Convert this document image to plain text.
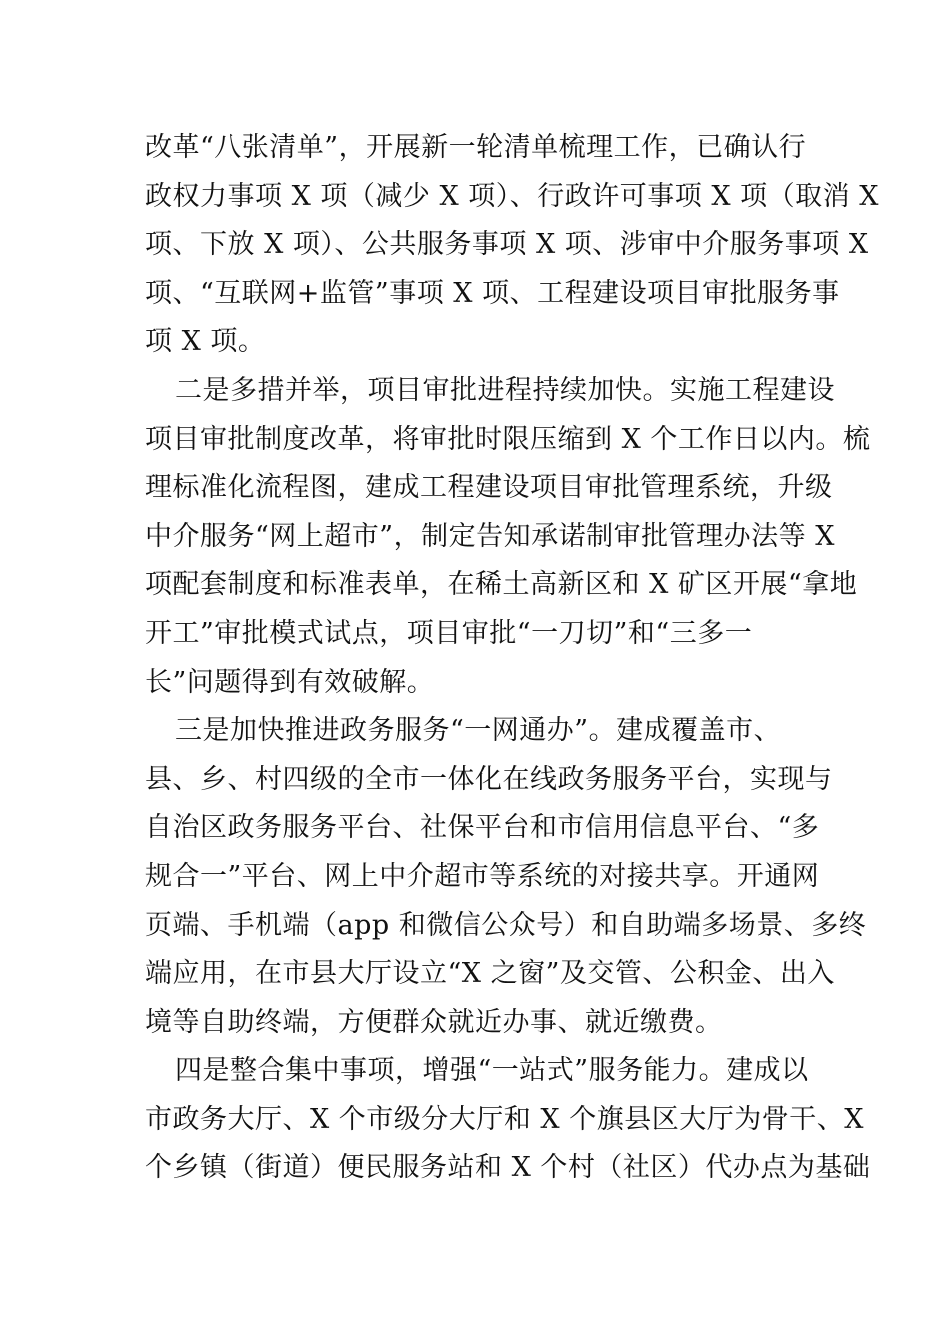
改革“八张清单”，开展新一轮清单梳理工作，已确认行
政权力事项 X 项（减少 X 项）、行政许可事项 X 项（取消 X
项、下放 X 项）、公共服务事项 X 项、涉审中介服务事项 X
项、“互联网+监管”事项 X 项、工程建设项目审批服务事
项 X 项。
二是多措并举，项目审批进程持续加快。实施工程建设
项目审批制度改革，将审批时限压缩到 X 个工作日以内。梳
理标准化流程图，建成工程建设项目审批管理系统，升级
中介服务“网上超市”，制定告知承诺制审批管理办法等 X
项配套制度和标准表单，在稀土高新区和 X 矿区开展“拿地
开工”审批模式试点，项目审批“一刀切”和“三多一
长”问题得到有效破解。
三是加快推进政务服务“一网通办”。建成覆盖市、
县、乡、村四级的全市一体化在线政务服务平台，实现与
自治区政务服务平台、社保平台和市信用信息平台、“多
规合一”平台、网上中介超市等系统的对接共享。开通网
页端、手机端（app 和微信公众号）和自助端多场景、多终
端应用，在市县大厅设立“X 之窗”及交管、公积金、出入
境等自助终端，方便群众就近办事、就近缴费。
四是整合集中事项，增强“一站式”服务能力。建成以
市政务大厅、X 个市级分大厅和 X 个旗县区大厅为骨干、X
个乡镇（街道）便民服务站和 X 个村（社区）代办点为基础
